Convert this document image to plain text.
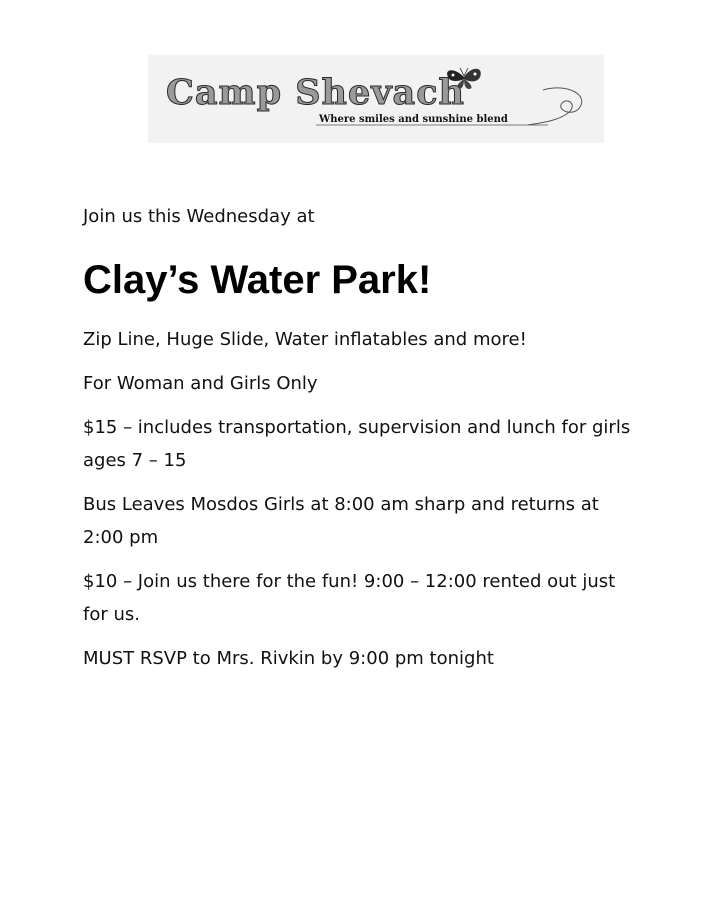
Camp Shevach
Where smiles and sunshine blend

Join us this Wednesday at

Clay’s Water Park!

Zip Line, Huge Slide, Water inflatables and more!

For Woman and Girls Only

$15 – includes transportation, supervision and lunch for girls ages 7 – 15

Bus Leaves Mosdos Girls at 8:00 am sharp and returns at 2:00 pm

$10 – Join us there for the fun! 9:00 – 12:00 rented out just for us.

MUST RSVP to Mrs. Rivkin by 9:00 pm tonight
